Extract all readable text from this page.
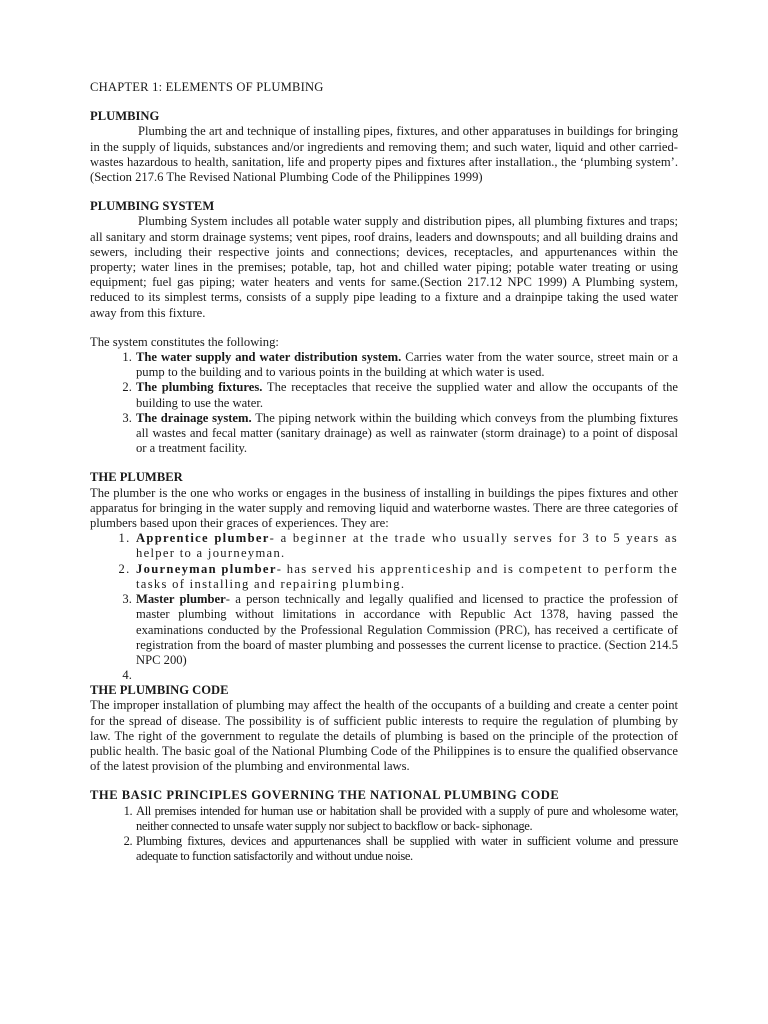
CHAPTER 1: ELEMENTS OF PLUMBING
PLUMBING

Plumbing the art and technique of installing pipes, fixtures, and other apparatuses in buildings for bringing in the supply of liquids, substances and/or ingredients and removing them; and such water, liquid and other carried-wastes hazardous to health, sanitation, life and property pipes and fixtures after installation., the ‘plumbing system’. (Section 217.6 The Revised National Plumbing Code of the Philippines 1999)

PLUMBING SYSTEM

Plumbing System includes all potable water supply and distribution pipes, all plumbing fixtures and traps; all sanitary and storm drainage systems; vent pipes, roof drains, leaders and downspouts; and all building drains and sewers, including their respective joints and connections; devices, receptacles, and appurtenances within the property; water lines in the premises; potable, tap, hot and chilled water piping; potable water treating or using equipment; fuel gas piping; water heaters and vents for same.(Section 217.12 NPC 1999) A Plumbing system, reduced to its simplest terms, consists of a supply pipe leading to a fixture and a drainpipe taking the used water away from this fixture.

The system constitutes the following:

1. The water supply and water distribution system. Carries water from the water source, street main or a pump to the building and to various points in the building at which water is used.
2. The plumbing fixtures. The receptacles that receive the supplied water and allow the occupants of the building to use the water.
3. The drainage system. The piping network within the building which conveys from the plumbing fixtures all wastes and fecal matter (sanitary drainage) as well as rainwater (storm drainage) to a point of disposal or a treatment facility.
THE PLUMBER

The plumber is the one who works or engages in the business of installing in buildings the pipes fixtures and other apparatus for bringing in the water supply and removing liquid and waterborne wastes. There are three categories of plumbers based upon their graces of experiences. They are:

1. Apprentice plumber- a beginner at the trade who usually serves for 3 to 5 years as helper to a journeyman.
2. Journeyman plumber- has served his apprenticeship and is competent to perform the tasks of installing and repairing plumbing.
3. Master plumber- a person technically and legally qualified and licensed to practice the profession of master plumbing without limitations in accordance with Republic Act 1378, having passed the examinations conducted by the Professional Regulation Commission (PRC), has received a certificate of registration from the board of master plumbing and possesses the current license to practice. (Section 214.5 NPC 200)
4.
THE PLUMBING CODE

The improper installation of plumbing may affect the health of the occupants of a building and create a center point for the spread of disease. The possibility is of sufficient public interests to require the regulation of plumbing by law. The right of the government to regulate the details of plumbing is based on the principle of the protection of public health. The basic goal of the National Plumbing Code of the Philippines is to ensure the qualified observance of the latest provision of the plumbing and environmental laws.

THE BASIC PRINCIPLES GOVERNING THE NATIONAL PLUMBING CODE
1. All premises intended for human use or habitation shall be provided with a supply of pure and wholesome water, neither connected to unsafe water supply nor subject to backflow or back- siphonage.
2. Plumbing fixtures, devices and appurtenances shall be supplied with water in sufficient volume and pressure adequate to function satisfactorily and without undue noise.
